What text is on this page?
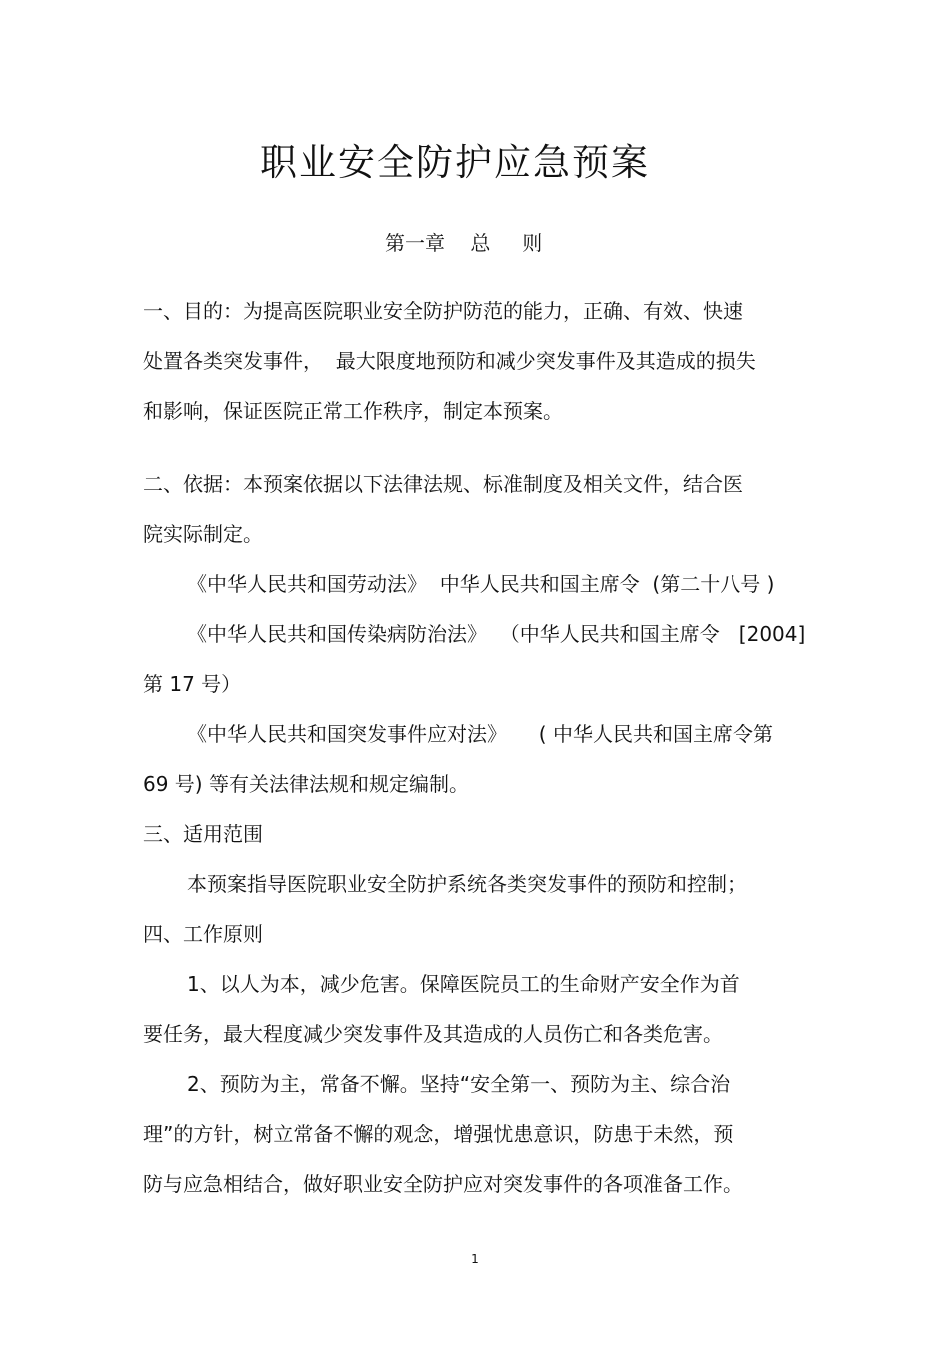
职业安全防护应急预案
第一章    总     则
一、目的：为提高医院职业安全防护防范的能力，正确、有效、快速
处置各类突发事件，  最大限度地预防和减少突发事件及其造成的损失
和影响，保证医院正常工作秩序，制定本预案。
二、依据：本预案依据以下法律法规、标准制度及相关文件，结合医
院实际制定。
《中华人民共和国劳动法》  中华人民共和国主席令  (第二十八号 )
《中华人民共和国传染病防治法》  （中华人民共和国主席令   [2004]
第 17 号）
《中华人民共和国突发事件应对法》     ( 中华人民共和国主席令第
69 号) 等有关法律法规和规定编制。
三、适用范围
本预案指导医院职业安全防护系统各类突发事件的预防和控制；
四、工作原则
1、以人为本，减少危害。保障医院员工的生命财产安全作为首
要任务，最大程度减少突发事件及其造成的人员伤亡和各类危害。
2、预防为主，常备不懈。坚持“安全第一、预防为主、综合治
理”的方针，树立常备不懈的观念，增强忧患意识，防患于未然，预
防与应急相结合，做好职业安全防护应对突发事件的各项准备工作。
1
